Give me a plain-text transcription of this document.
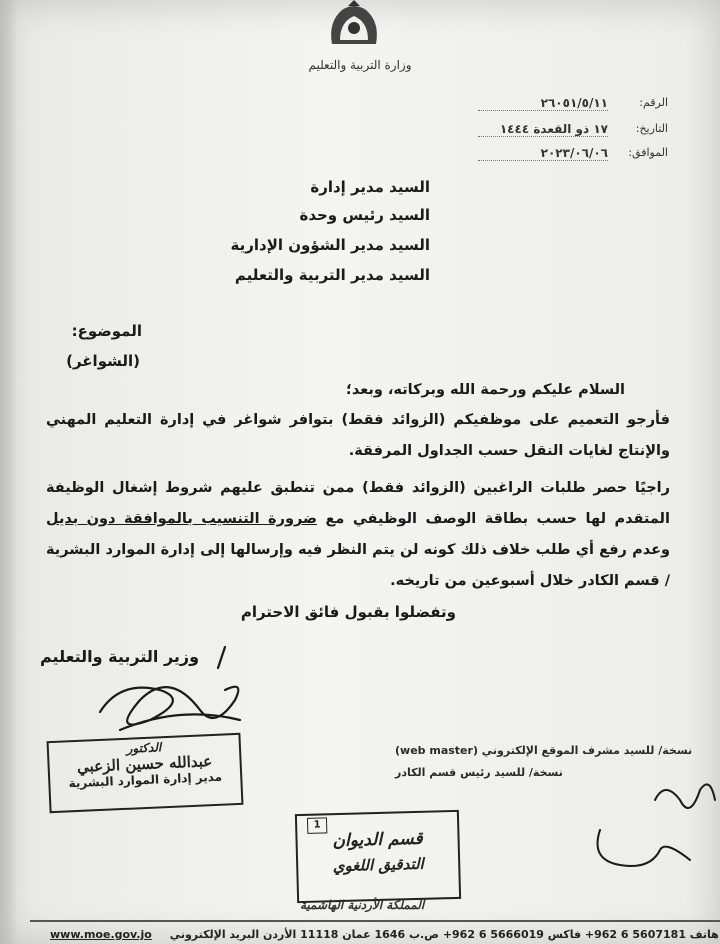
وزارة التربية والتعليم
الرقم:
٢٦٠٥١/٥/١١
التاريخ:
١٧ ذو القعدة ١٤٤٤
الموافق:
٢٠٢٣/٠٦/٠٦
السيد مدير إدارة
السيد رئيس وحدة
السيد مدير الشؤون الإدارية
السيد مدير التربية والتعليم
الموضوع:
(الشواغر)
السلام عليكم ورحمة الله وبركاته، وبعد؛
فأرجو التعميم على موظفيكم (الزوائد فقط) بتوافر شواغر في إدارة التعليم المهني والإنتاج لغايات النقل حسب الجداول المرفقة.
راجيًا حصر طلبات الراغبين (الزوائد فقط) ممن تنطبق عليهم شروط إشغال الوظيفة المتقدم لها حسب بطاقة الوصف الوظيفي مع ضرورة التنسيب بالموافقة دون بديل وعدم رفع أي طلب خلاف ذلك كونه لن يتم النظر فيه وإرسالها إلى إدارة الموارد البشرية / قسم الكادر خلال أسبوعين من تاريخه.
وتفضلوا بقبول فائق الاحترام
وزير التربية والتعليم
نسخة/ للسيد مشرف الموقع الإلكتروني (web master)
نسخة/ للسيد رئيس قسم الكادر
الدكتور
عبدالله حسين الزعبي
مدير إدارة الموارد البشرية
1
قسم الديوان
التدقيق اللغوي
المملكة الأردنية الهاشمية
www.moe.gov.jo هاتف 5607181 6 962+ فاكس 5666019 6 962+ ص.ب 1646 عمان 11118 الأردن البريد الإلكتروني
